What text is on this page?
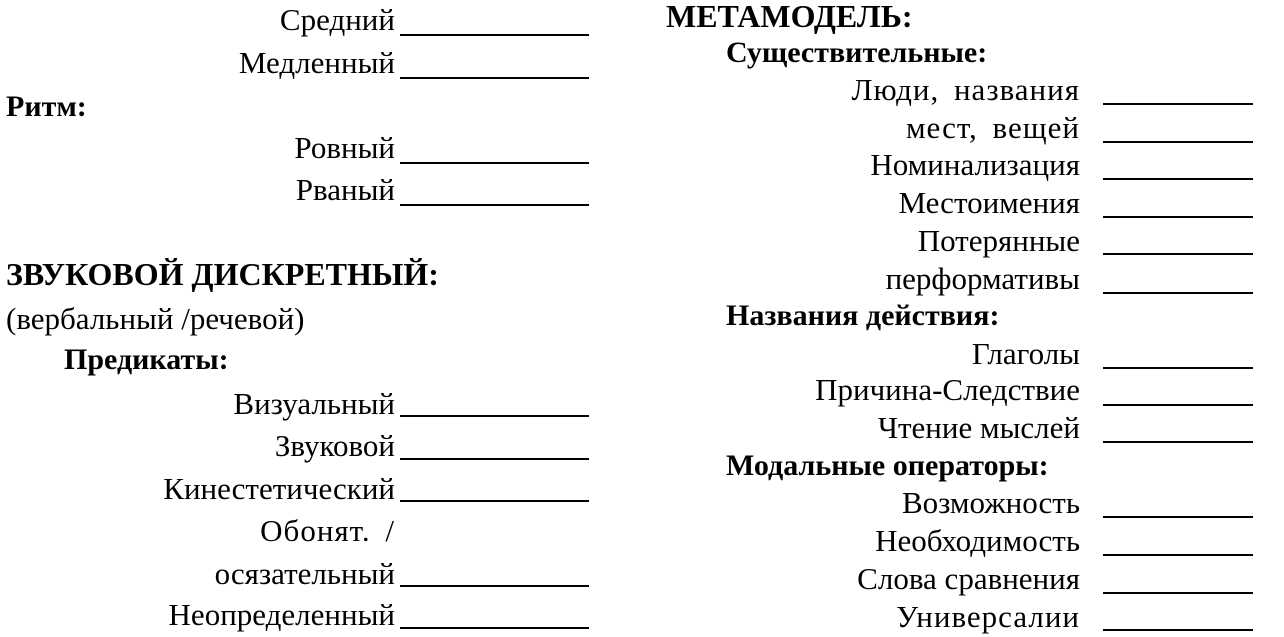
Средний
Медленный
Ритм:
Ровный
Рваный
ЗВУКОВОЙ ДИСКРЕТНЫЙ:
(вербальный /речевой)
Предикаты:
Визуальный
Звуковой
Кинестетический
Обонят. /
осязательный
Неопределенный
МЕТАМОДЕЛЬ:
Существительные:
Люди, названия
мест, вещей
Номинализация
Местоимения
Потерянные
перформативы
Названия действия:
Глаголы
Причина-Следствие
Чтение мыслей
Модальные операторы:
Возможность
Необходимость
Слова сравнения
Универсалии
